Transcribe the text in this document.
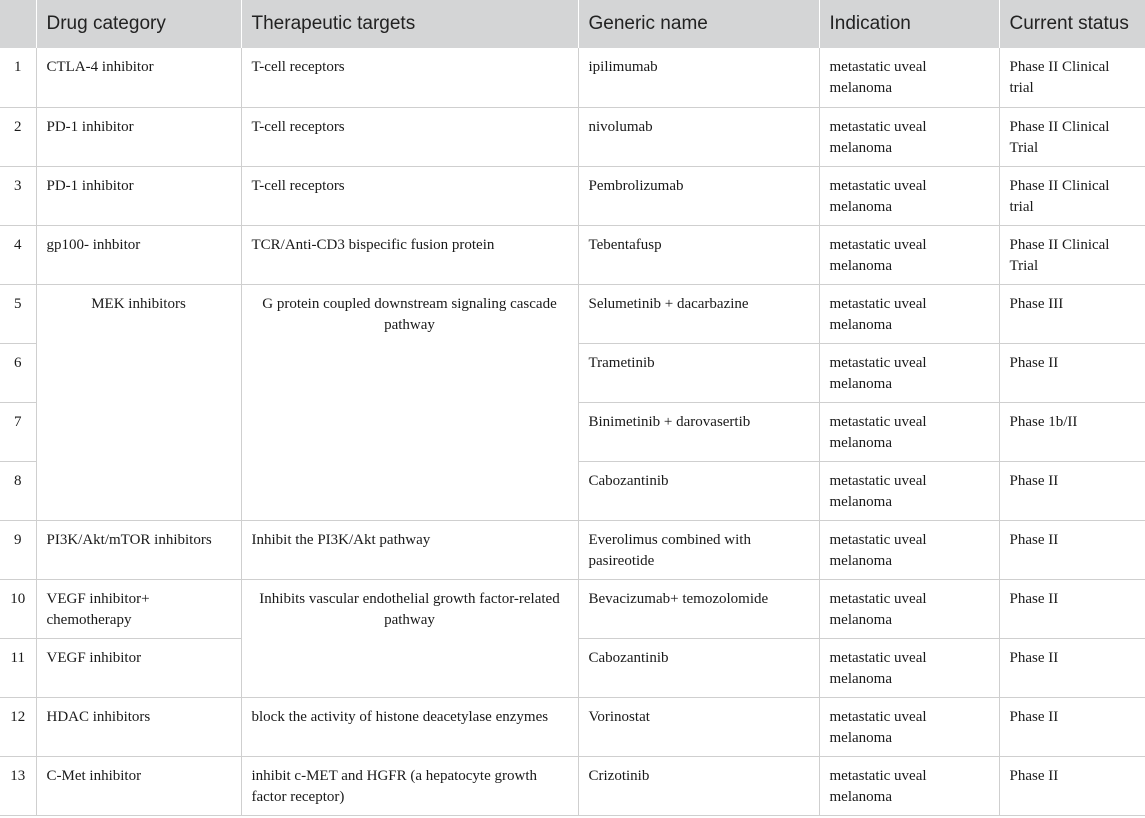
	Drug category	Therapeutic targets	Generic name	Indication	Current status
1	CTLA-4 inhibitor	T-cell receptors	ipilimumab	metastatic uveal melanoma	Phase II Clinical trial
2	PD-1 inhibitor	T-cell receptors	nivolumab	metastatic uveal melanoma	Phase II Clinical Trial
3	PD-1 inhibitor	T-cell receptors	Pembrolizumab	metastatic uveal melanoma	Phase II Clinical trial
4	gp100- inhbitor	TCR/Anti-CD3 bispecific fusion protein	Tebentafusp	metastatic uveal melanoma	Phase II Clinical Trial
5	MEK inhibitors	G protein coupled downstream signaling cascade pathway	Selumetinib + dacarbazine	metastatic uveal melanoma	Phase III
6			Trametinib	metastatic uveal melanoma	Phase II
7			Binimetinib + darovasertib	metastatic uveal melanoma	Phase 1b/II
8			Cabozantinib	metastatic uveal melanoma	Phase II
9	PI3K/Akt/mTOR inhibitors	Inhibit the PI3K/Akt pathway	Everolimus combined with pasireotide	metastatic uveal melanoma	Phase II
10	VEGF inhibitor+ chemotherapy	Inhibits vascular endothelial growth factor-related pathway	Bevacizumab+ temozolomide	metastatic uveal melanoma	Phase II
11	VEGF inhibitor		Cabozantinib	metastatic uveal melanoma	Phase II
12	HDAC inhibitors	block the activity of histone deacetylase enzymes	Vorinostat	metastatic uveal melanoma	Phase II
13	C-Met inhibitor	inhibit c-MET and HGFR (a hepatocyte growth factor receptor)	Crizotinib	metastatic uveal melanoma	Phase II
